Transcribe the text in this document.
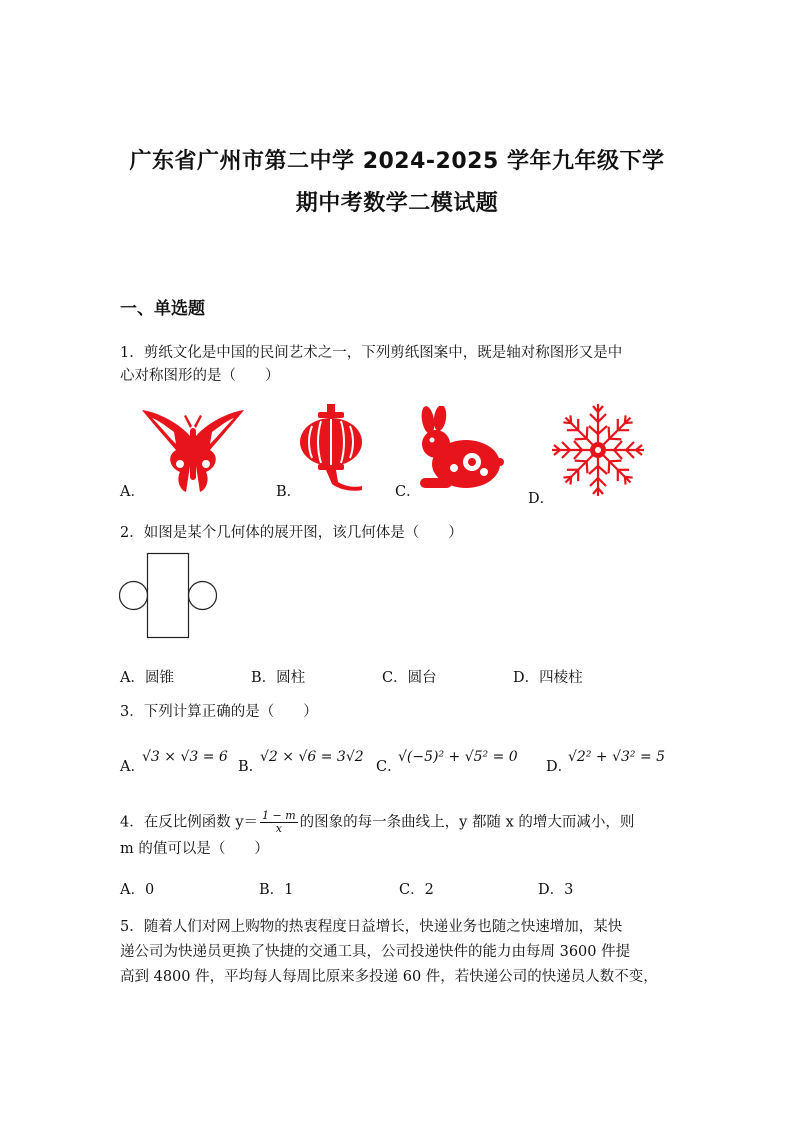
广东省广州市第二中学 2024-2025 学年九年级下学
期中考数学二模试题
一、单选题
1．剪纸文化是中国的民间艺术之一，下列剪纸图案中，既是轴对称图形又是中
心对称图形的是（　　）
A．	B．	C．	D．
2．如图是某个几何体的展开图，该几何体是（　　）
A．圆锥	B．圆柱	C．圆台	D．四棱柱
3．下列计算正确的是（　　）
A．
√3 × √3 = 6
B．
√2 × √6 = 3√2
C．
√(−5)² + √5² = 0
D．
√2² + √3² = 5
4．在反比例函数 $y= \frac{1 - m}{x}$ 的图象的每一条曲线上，y 都随 x 的增大而减小，则
m 的值可以是（　　）
A．0	B．1	C．2	D．3
5．随着人们对网上购物的热衷程度日益增长，快递业务也随之快速增加，某快
递公司为快递员更换了快捷的交通工具，公司投递快件的能力由每周 3600 件提
高到 4800 件，平均每人每周比原来多投递 60 件，若快递公司的快递员人数不变，
